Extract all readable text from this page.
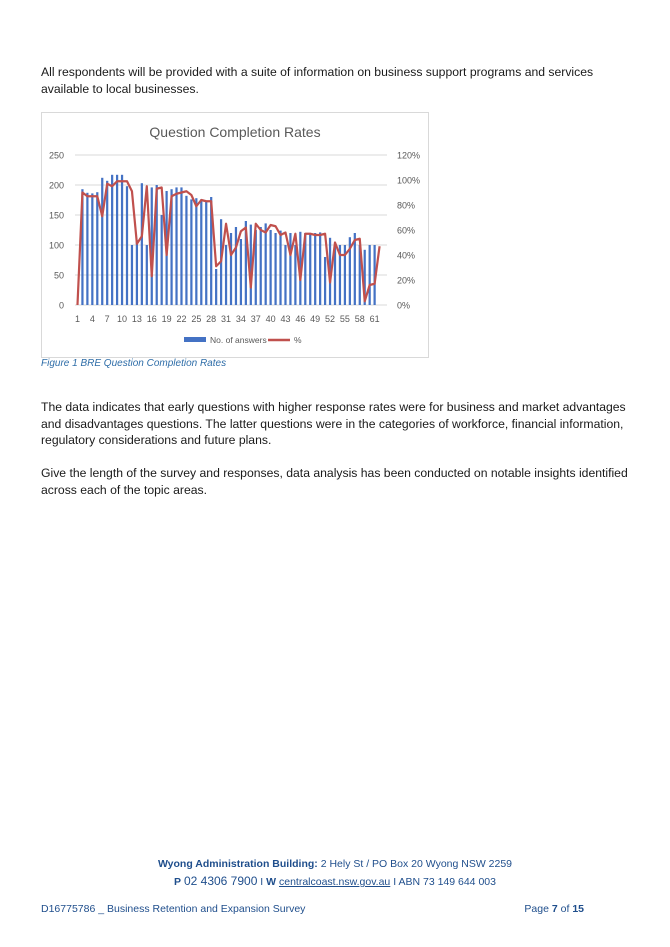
All respondents will be provided with a suite of information on business support programs and services available to local businesses.

Question Completion Rates
0
50
100
150
200
250
0%
20%
40%
60%
80%
100%
120%
1 4 7 10 13 16 19 22 25 28 31 34 37 40 43 46 49 52 55 58 61
No. of answers	%
Figure 1 BRE Question Completion Rates

The data indicates that early questions with higher response rates were for business and market advantages and disadvantages questions. The latter questions were in the categories of workforce, financial information, regulatory considerations and future plans.

Give the length of the survey and responses, data analysis has been conducted on notable insights identified across each of the topic areas.

Wyong Administration Building: 2 Hely St / PO Box 20 Wyong NSW 2259
P 02 4306 7900 I W centralcoast.nsw.gov.au I ABN 73 149 644 003
D16775786 _ Business Retention and Expansion Survey	Page 7 of 15
